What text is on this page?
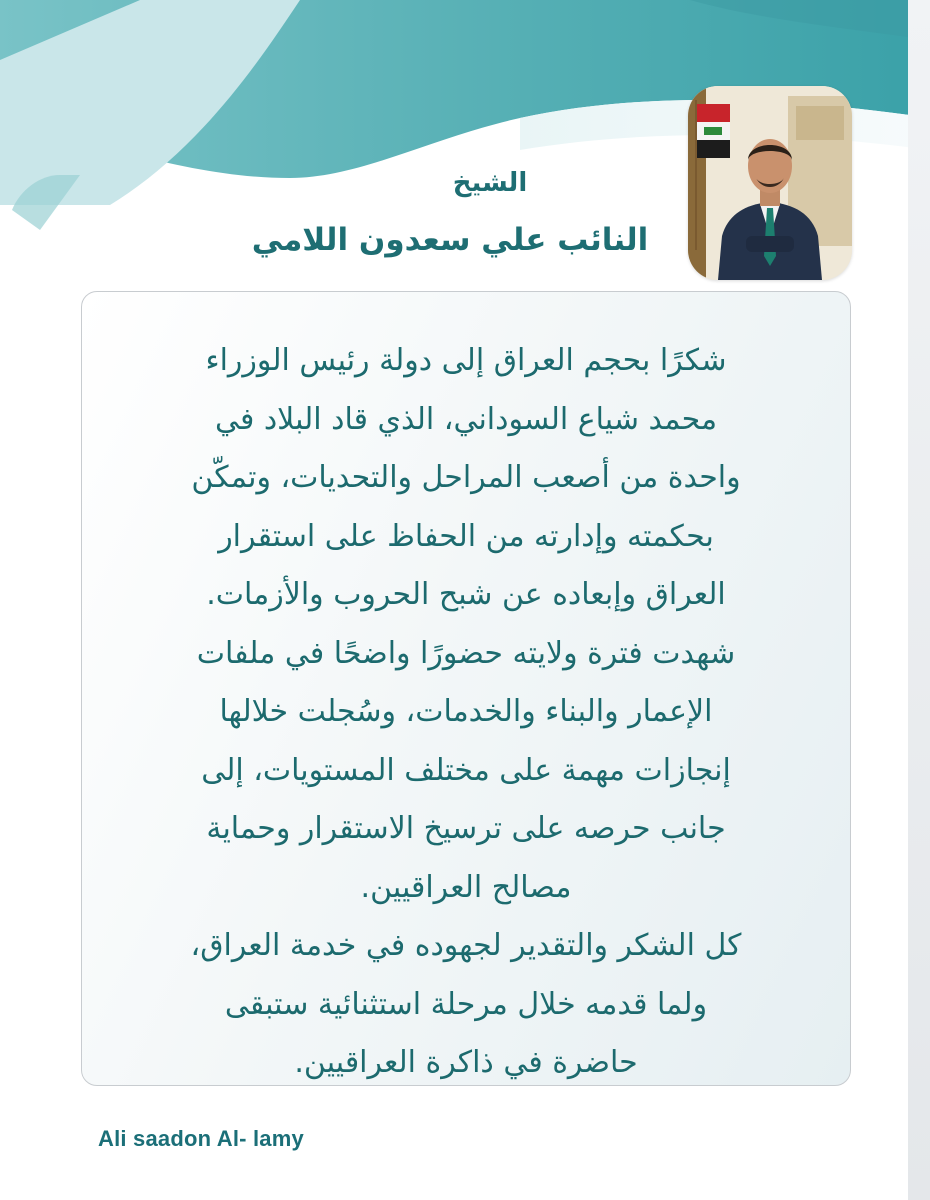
الشيخ
النائب علي سعدون اللامي
شكرًا بحجم العراق إلى دولة رئيس الوزراء
محمد شياع السوداني، الذي قاد البلاد في
واحدة من أصعب المراحل والتحديات، وتمكّن
بحكمته وإدارته من الحفاظ على استقرار
العراق وإبعاده عن شبح الحروب والأزمات.
شهدت فترة ولايته حضورًا واضحًا في ملفات
الإعمار والبناء والخدمات، وسُجلت خلالها
إنجازات مهمة على مختلف المستويات، إلى
جانب حرصه على ترسيخ الاستقرار وحماية
مصالح العراقيين.
كل الشكر والتقدير لجهوده في خدمة العراق،
ولما قدمه خلال مرحلة استثنائية ستبقى
حاضرة في ذاكرة العراقيين.
Ali saadon Al- lamy
